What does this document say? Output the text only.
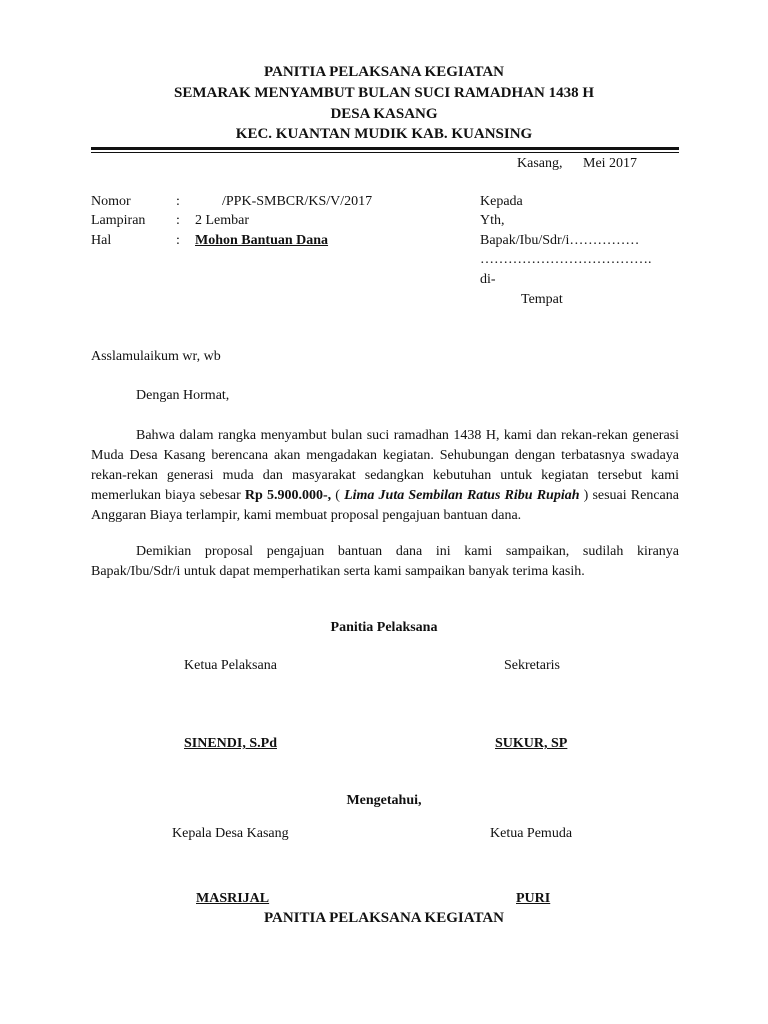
PANITIA PELAKSANA KEGIATAN
SEMARAK MENYAMBUT BULAN SUCI RAMADHAN 1438 H
DESA KASANG
KEC. KUANTAN MUDIK KAB. KUANSING
Kasang, Mei 2017
Nomor	:	/PPK-SMBCR/KS/V/2017
Lampiran : 2 Lembar
Hal	: Mohon Bantuan Dana
Kepada
Yth,
Bapak/Ibu/Sdr/i……………
……………………………….
di-
Tempat
Asslamulaikum wr, wb
Dengan Hormat,
Bahwa dalam rangka menyambut bulan suci ramadhan 1438 H, kami dan rekan-rekan generasi Muda Desa Kasang berencana akan mengadakan kegiatan. Sehubungan dengan terbatasnya swadaya rekan-rekan generasi muda dan masyarakat sedangkan kebutuhan untuk kegiatan tersebut kami memerlukan biaya sebesar Rp 5.900.000-, ( Lima Juta Sembilan Ratus Ribu Rupiah ) sesuai Rencana Anggaran Biaya terlampir, kami membuat proposal pengajuan bantuan dana.
Demikian proposal pengajuan bantuan dana ini kami sampaikan, sudilah kiranya Bapak/Ibu/Sdr/i untuk dapat memperhatikan serta kami sampaikan banyak terima kasih.
Panitia Pelaksana
Ketua Pelaksana	Sekretaris
SINENDI, S.Pd	SUKUR, SP
Mengetahui,
Kepala Desa Kasang	Ketua Pemuda
MASRIJAL	PURI
PANITIA PELAKSANA KEGIATAN
